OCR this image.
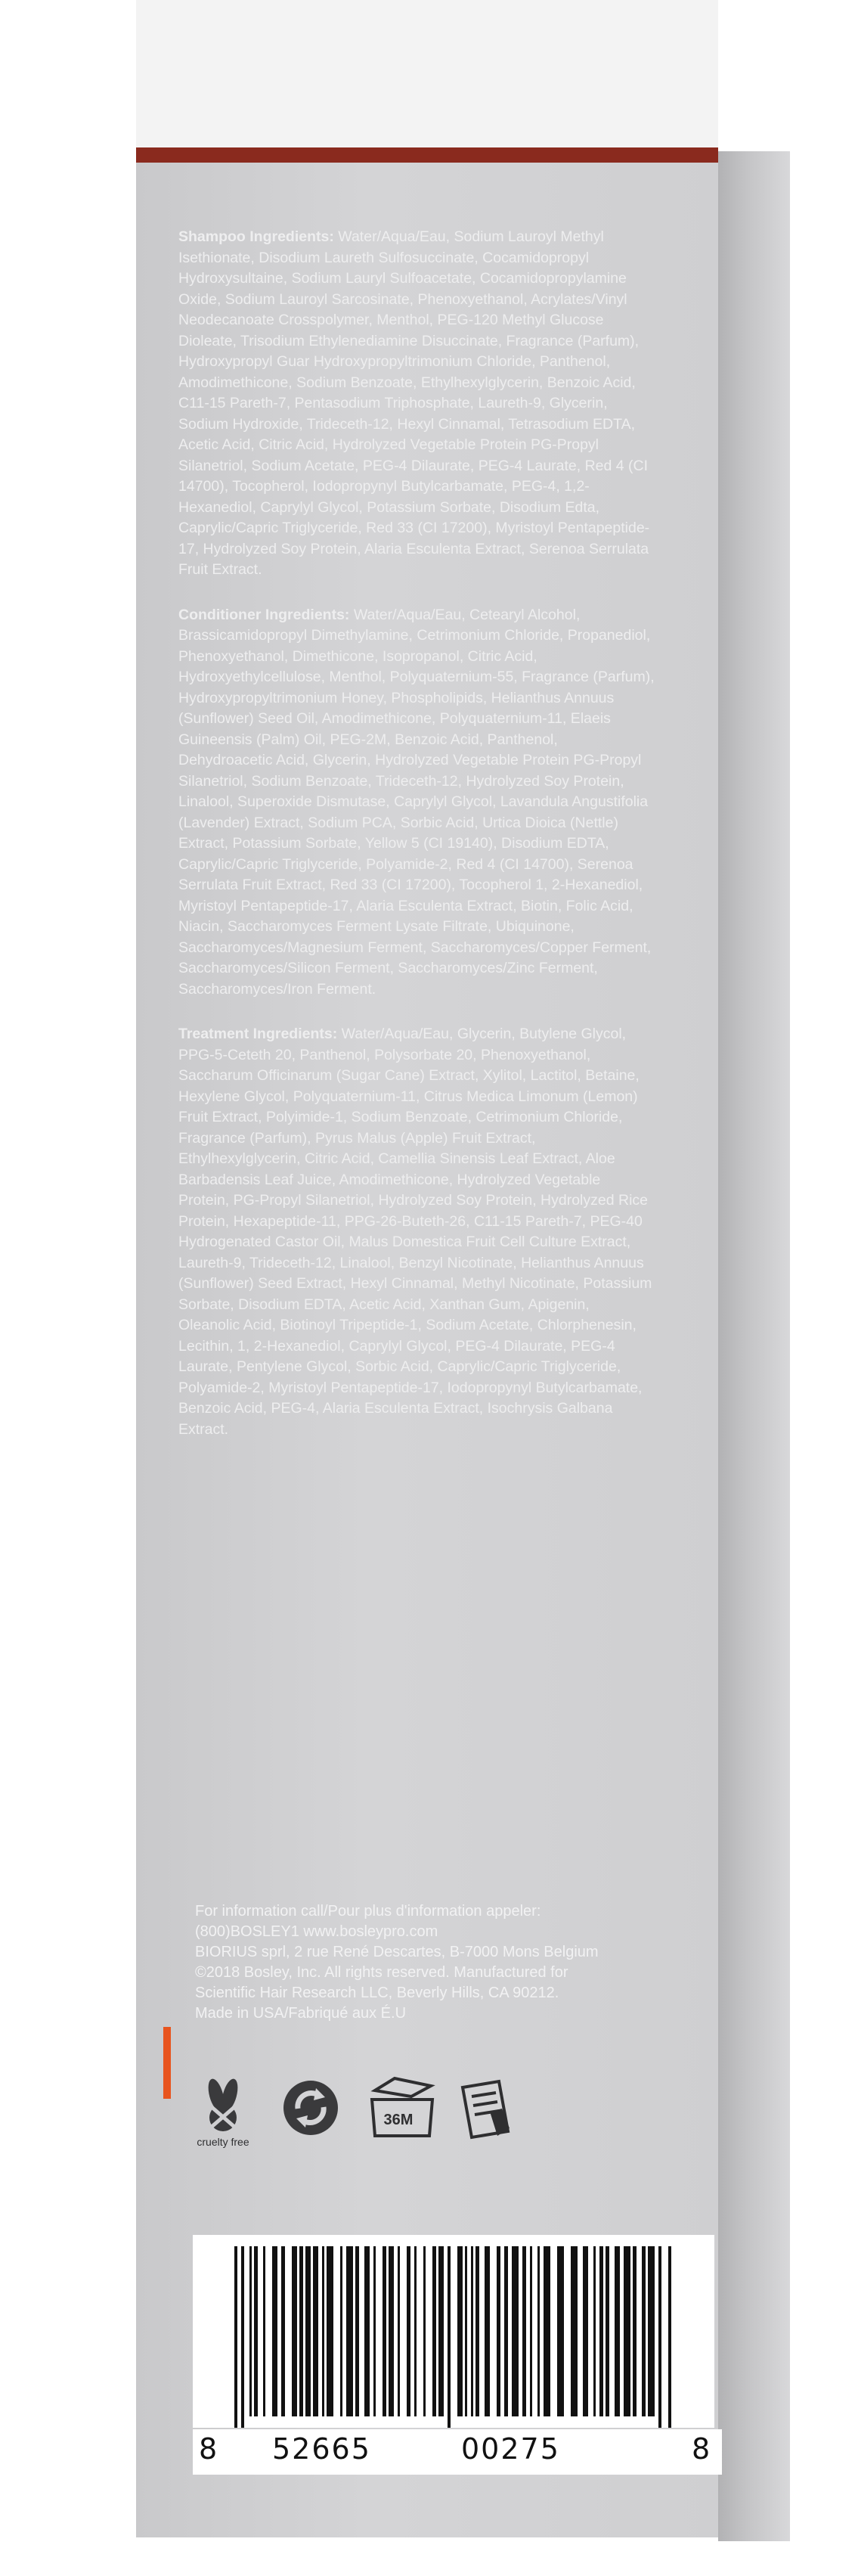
Shampoo Ingredients: Water/Aqua/Eau, Sodium Lauroyl Methyl Isethionate, Disodium Laureth Sulfosuccinate, Cocamidopropyl Hydroxysultaine, Sodium Lauryl Sulfoacetate, Cocamidopropylamine Oxide, Sodium Lauroyl Sarcosinate, Phenoxyethanol, Acrylates/Vinyl Neodecanoate Crosspolymer, Menthol, PEG-120 Methyl Glucose Dioleate, Trisodium Ethylenediamine Disuccinate, Fragrance (Parfum), Hydroxypropyl Guar Hydroxypropyltrimonium Chloride, Panthenol, Amodimethicone, Sodium Benzoate, Ethylhexylglycerin, Benzoic Acid, C11-15 Pareth-7, Pentasodium Triphosphate, Laureth-9, Glycerin, Sodium Hydroxide, Trideceth-12, Hexyl Cinnamal, Tetrasodium EDTA, Acetic Acid, Citric Acid, Hydrolyzed Vegetable Protein PG-Propyl Silanetriol, Sodium Acetate, PEG-4 Dilaurate, PEG-4 Laurate, Red 4 (CI 14700), Tocopherol, Iodopropynyl Butylcarbamate, PEG-4, 1,2-Hexanediol, Caprylyl Glycol, Potassium Sorbate, Disodium Edta, Caprylic/Capric Triglyceride, Red 33 (CI 17200), Myristoyl Pentapeptide-17, Hydrolyzed Soy Protein, Alaria Esculenta Extract, Serenoa Serrulata Fruit Extract.

Conditioner Ingredients: Water/Aqua/Eau, Cetearyl Alcohol, Brassicamidopropyl Dimethylamine, Cetrimonium Chloride, Propanediol, Phenoxyethanol, Dimethicone, Isopropanol, Citric Acid, Hydroxyethylcellulose, Menthol, Polyquaternium-55, Fragrance (Parfum), Hydroxypropyltrimonium Honey, Phospholipids, Helianthus Annuus (Sunflower) Seed Oil, Amodimethicone, Polyquaternium-11, Elaeis Guineensis (Palm) Oil, PEG-2M, Benzoic Acid, Panthenol, Dehydroacetic Acid, Glycerin, Hydrolyzed Vegetable Protein PG-Propyl Silanetriol, Sodium Benzoate, Trideceth-12, Hydrolyzed Soy Protein, Linalool, Superoxide Dismutase, Caprylyl Glycol, Lavandula Angustifolia (Lavender) Extract, Sodium PCA, Sorbic Acid, Urtica Dioica (Nettle) Extract, Potassium Sorbate, Yellow 5 (CI 19140), Disodium EDTA, Caprylic/Capric Triglyceride, Polyamide-2, Red 4 (CI 14700), Serenoa Serrulata Fruit Extract, Red 33 (CI 17200), Tocopherol 1, 2-Hexanediol, Myristoyl Pentapeptide-17, Alaria Esculenta Extract, Biotin, Folic Acid, Niacin, Saccharomyces Ferment Lysate Filtrate, Ubiquinone, Saccharomyces/Magnesium Ferment, Saccharomyces/Copper Ferment, Saccharomyces/Silicon Ferment, Saccharomyces/Zinc Ferment, Saccharomyces/Iron Ferment.

Treatment Ingredients: Water/Aqua/Eau, Glycerin, Butylene Glycol, PPG-5-Ceteth 20, Panthenol, Polysorbate 20, Phenoxyethanol, Saccharum Officinarum (Sugar Cane) Extract, Xylitol, Lactitol, Betaine, Hexylene Glycol, Polyquaternium-11, Citrus Medica Limonum (Lemon) Fruit Extract, Polyimide-1, Sodium Benzoate, Cetrimonium Chloride, Fragrance (Parfum), Pyrus Malus (Apple) Fruit Extract, Ethylhexylglycerin, Citric Acid, Camellia Sinensis Leaf Extract, Aloe Barbadensis Leaf Juice, Amodimethicone, Hydrolyzed Vegetable Protein, PG-Propyl Silanetriol, Hydrolyzed Soy Protein, Hydrolyzed Rice Protein, Hexapeptide-11, PPG-26-Buteth-26, C11-15 Pareth-7, PEG-40 Hydrogenated Castor Oil, Malus Domestica Fruit Cell Culture Extract, Laureth-9, Trideceth-12, Linalool, Benzyl Nicotinate, Helianthus Annuus (Sunflower) Seed Extract, Hexyl Cinnamal, Methyl Nicotinate, Potassium Sorbate, Disodium EDTA, Acetic Acid, Xanthan Gum, Apigenin, Oleanolic Acid, Biotinoyl Tripeptide-1, Sodium Acetate, Chlorphenesin, Lecithin, 1, 2-Hexanediol, Caprylyl Glycol, PEG-4 Dilaurate, PEG-4 Laurate, Pentylene Glycol, Sorbic Acid, Caprylic/Capric Triglyceride, Polyamide-2, Myristoyl Pentapeptide-17, Iodopropynyl Butylcarbamate, Benzoic Acid, PEG-4, Alaria Esculenta Extract, Isochrysis Galbana Extract.

For information call/Pour plus d'information appeler:
(800)BOSLEY1 www.bosleypro.com
BIORIUS sprl, 2 rue René Descartes, B-7000 Mons Belgium
©2018 Bosley, Inc. All rights reserved. Manufactured for
Scientific Hair Research LLC, Beverly Hills, CA 90212.
Made in USA/Fabriqué aux É.U
cruelty free
36M
8 52665	00275	8
